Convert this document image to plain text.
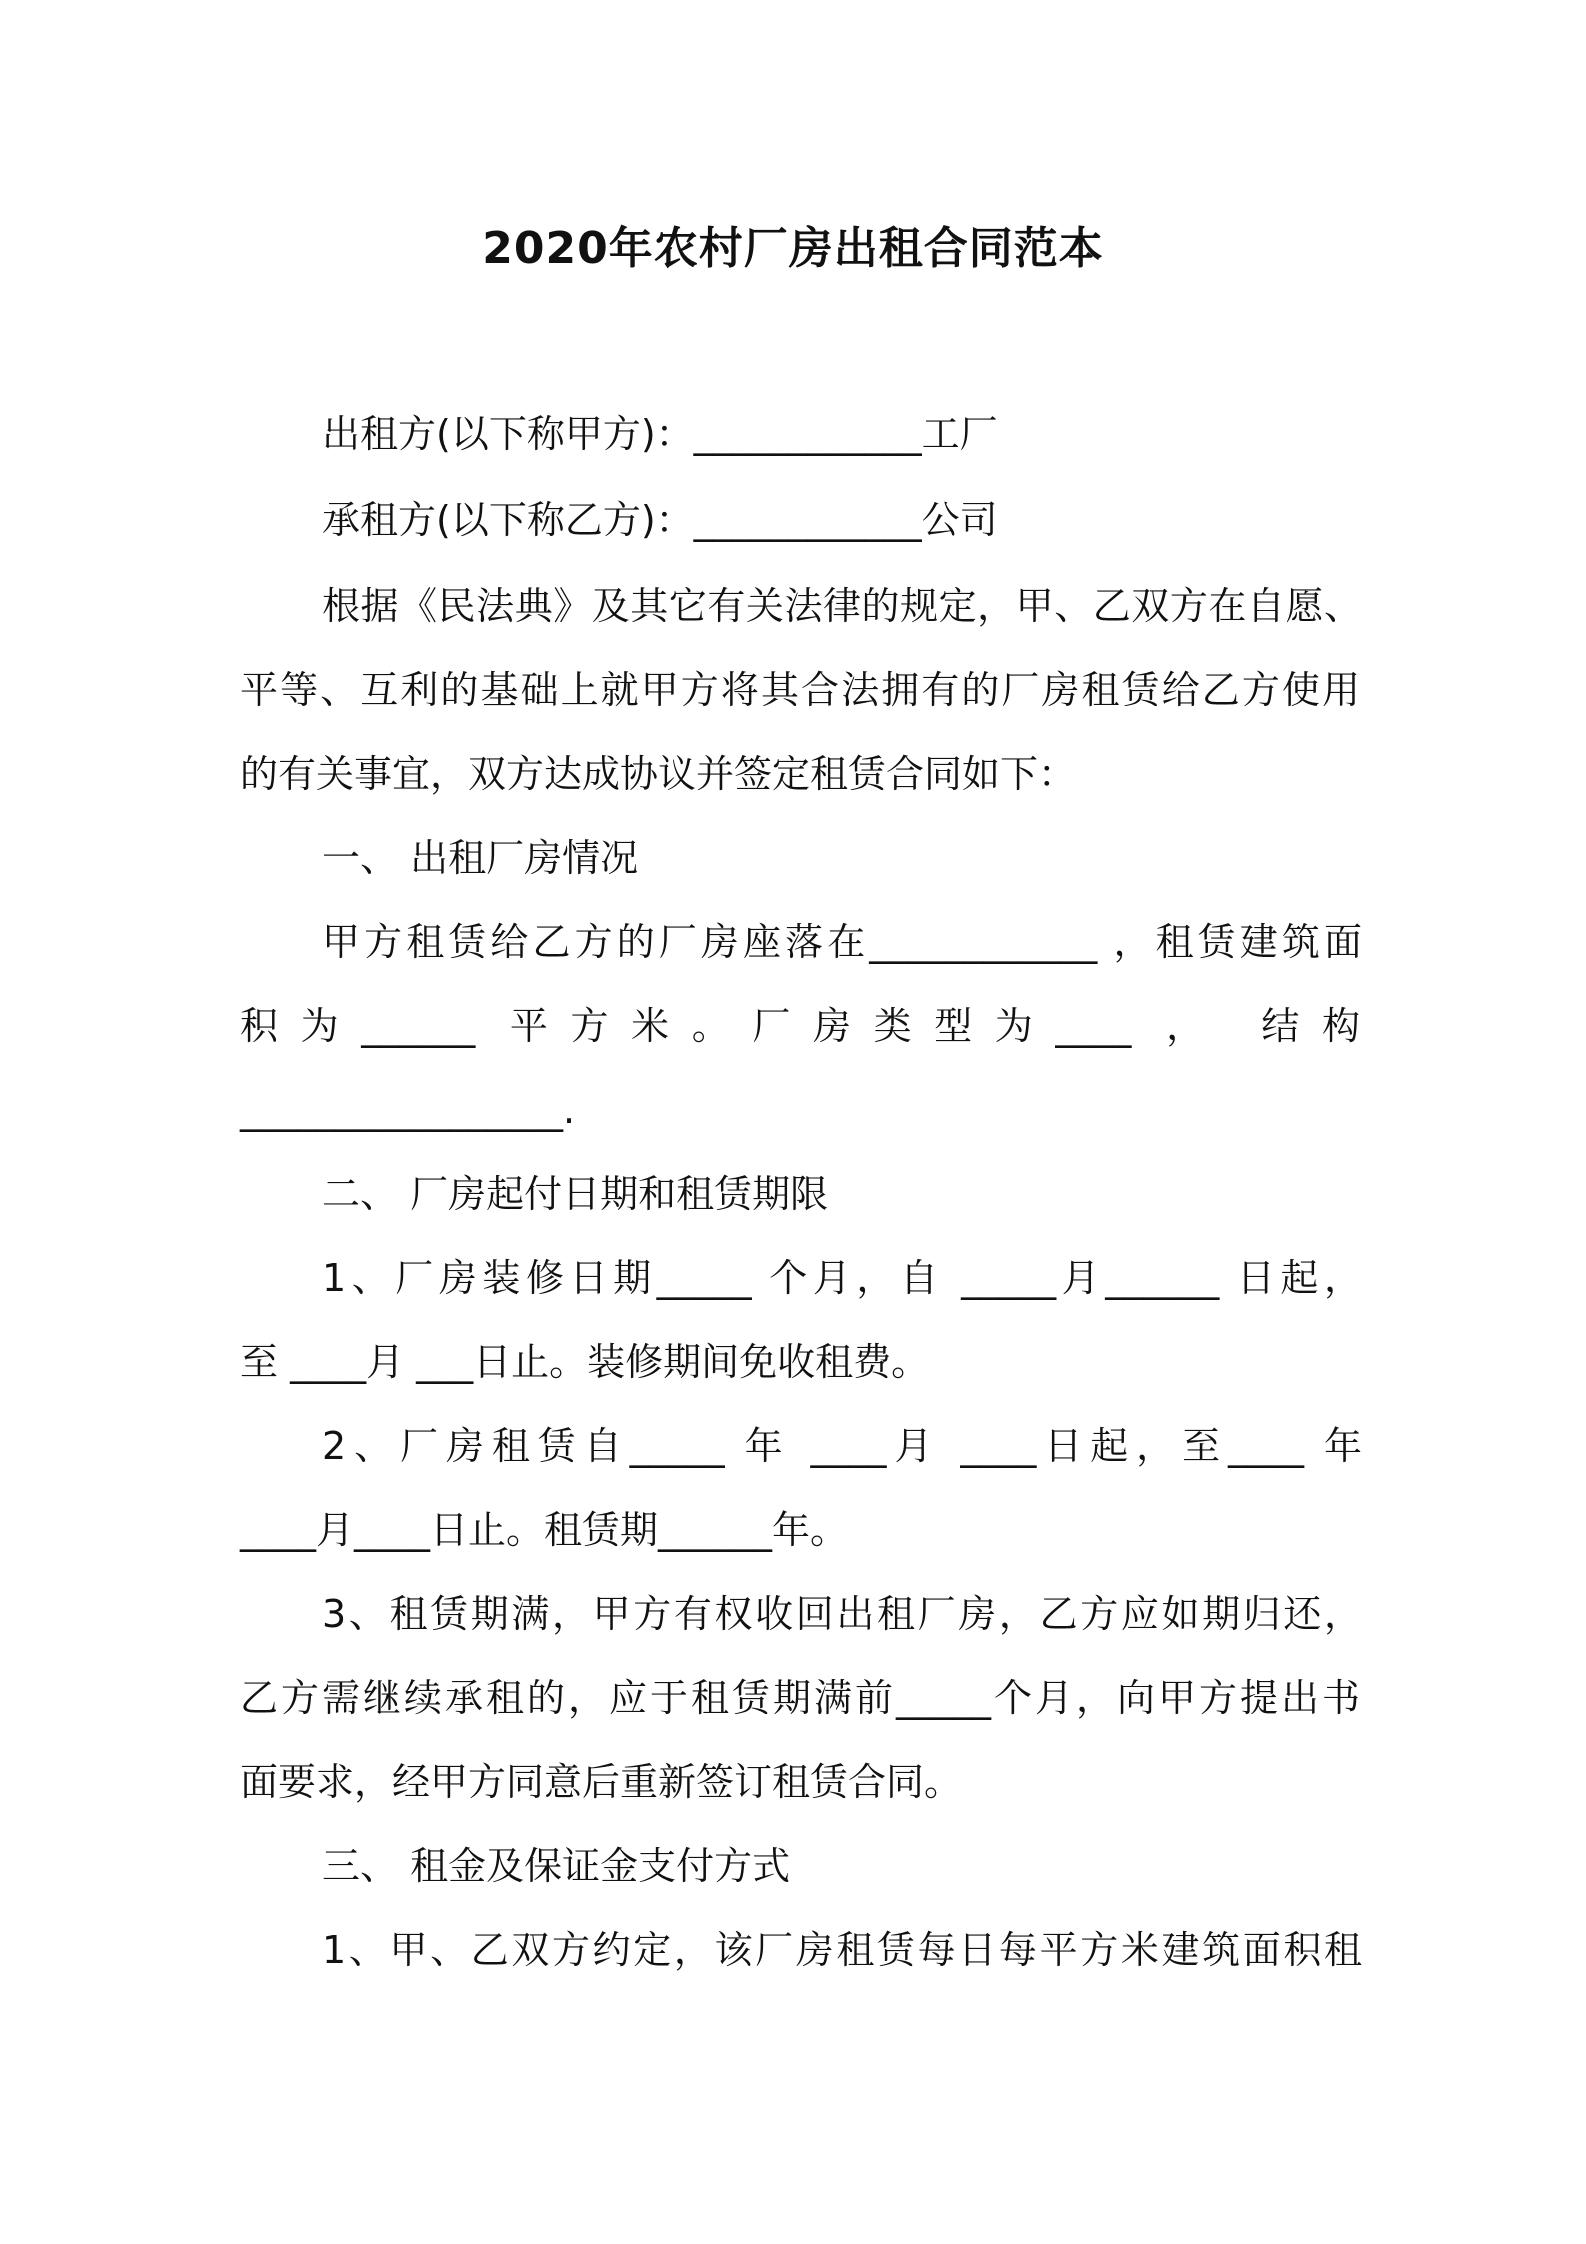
2020年农村厂房出租合同范本
出租方(以下称甲方)：____________工厂
承租方(以下称乙方)：____________公司
根据《民法典》及其它有关法律的规定，甲、乙双方在自愿、
平等、互利的基础上就甲方将其合法拥有的厂房租赁给乙方使用
的有关事宜，双方达成协议并签定租赁合同如下：
一、 出租厂房情况
甲方租赁给乙方的厂房座落在____________ ，租赁建筑面
积为______ 平方米。厂房类型为____ ， 结构
_________________.
二、 厂房起付日期和租赁期限
1、厂房装修日期_____ 个月，自 _____月______ 日起，
至 ____月 ___日止。装修期间免收租费。
2、厂房租赁自_____ 年 ____月 ____日起，至____ 年
____月____日止。租赁期______年。
3、租赁期满，甲方有权收回出租厂房，乙方应如期归还，
乙方需继续承租的，应于租赁期满前_____个月，向甲方提出书
面要求，经甲方同意后重新签订租赁合同。
三、 租金及保证金支付方式
1、甲、乙双方约定，该厂房租赁每日每平方米建筑面积租
